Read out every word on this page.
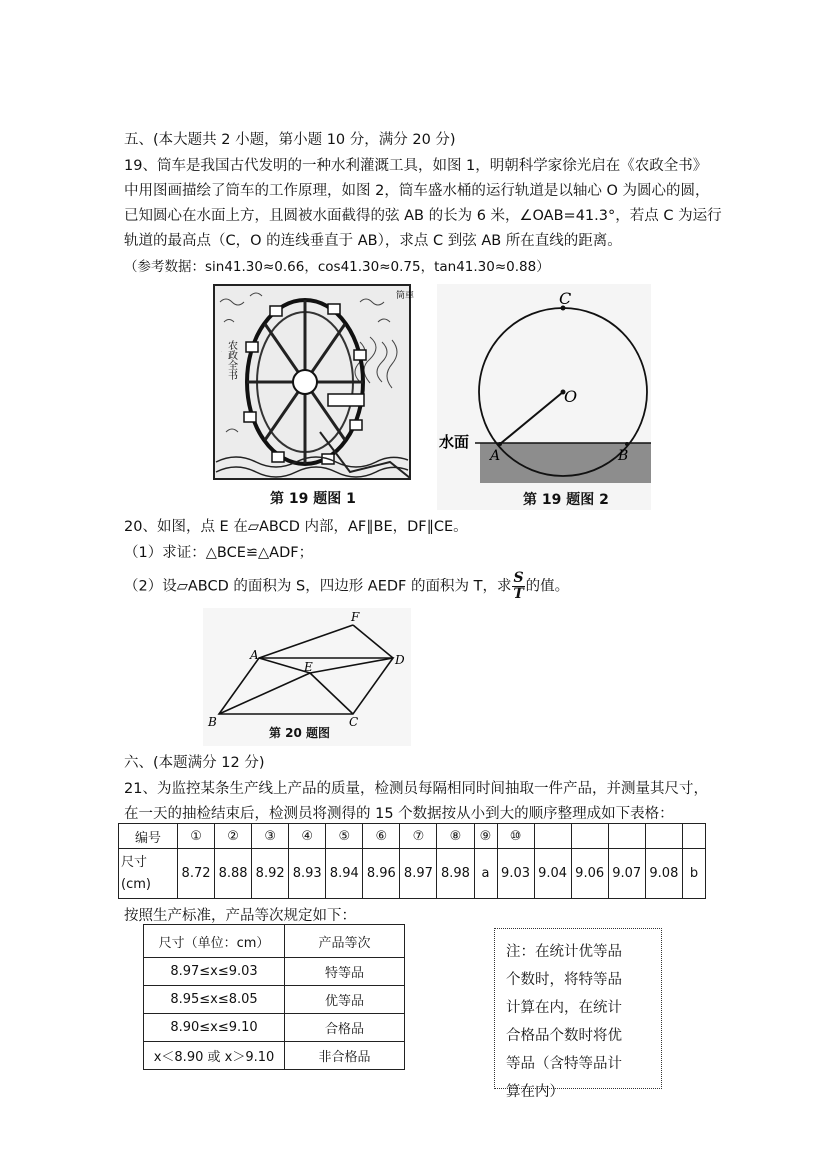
五、(本大题共 2 小题，第小题 10 分，满分 20 分)
19、筒车是我国古代发明的一种水利灌溉工具，如图 1，明朝科学家徐光启在《农政全书》
中用图画描绘了筒车的工作原理，如图 2，筒车盛水桶的运行轨道是以轴心 O 为圆心的圆，
已知圆心在水面上方，且圆被水面截得的弦 AB 的长为 6 米，∠OAB=41.3°，若点 C 为运行
轨道的最高点（C，O 的连线垂直于 AB），求点 C 到弦 AB 所在直线的距离。
（参考数据：sin41.30≈0.66，cos41.30≈0.75，tan41.30≈0.88）
农政全书
筒車
第 19 题图 1
C
O
A	B
水面
第 19 题图 2
20、如图，点 E 在▱ABCD 内部，AF∥BE，DF∥CE。
（1）求证：△BCE≌△ADF；
（2）设▱ABCD 的面积为 S，四边形 AEDF 的面积为 T，求 $\frac{S}{T}$ 的值。
A
B	C
D
E
F
第 20 题图
六、(本题满分 12 分)
21、为监控某条生产线上产品的质量，检测员每隔相同时间抽取一件产品，并测量其尺寸，
在一天的抽检结束后，检测员将测得的 15 个数据按从小到大的顺序整理成如下表格：
编号	①	②	③	④	⑤	⑥	⑦	⑧	⑨	⑩					

尺寸
(cm)	8.72	8.88	8.92	8.93	8.94	8.96	8.97	8.98	a	9.03	9.04	9.06	9.07	9.08	b
按照生产标准，产品等次规定如下：
尺寸（单位：cm）	产品等次
8.97≤x≤9.03	特等品
8.95≤x≤8.05	优等品
8.90≤x≤9.10	合格品
x＜8.90 或 x＞9.10	非合格品
注：在统计优等品
个数时，将特等品
计算在内，在统计
合格品个数时将优
等品（含特等品计
算在内）
